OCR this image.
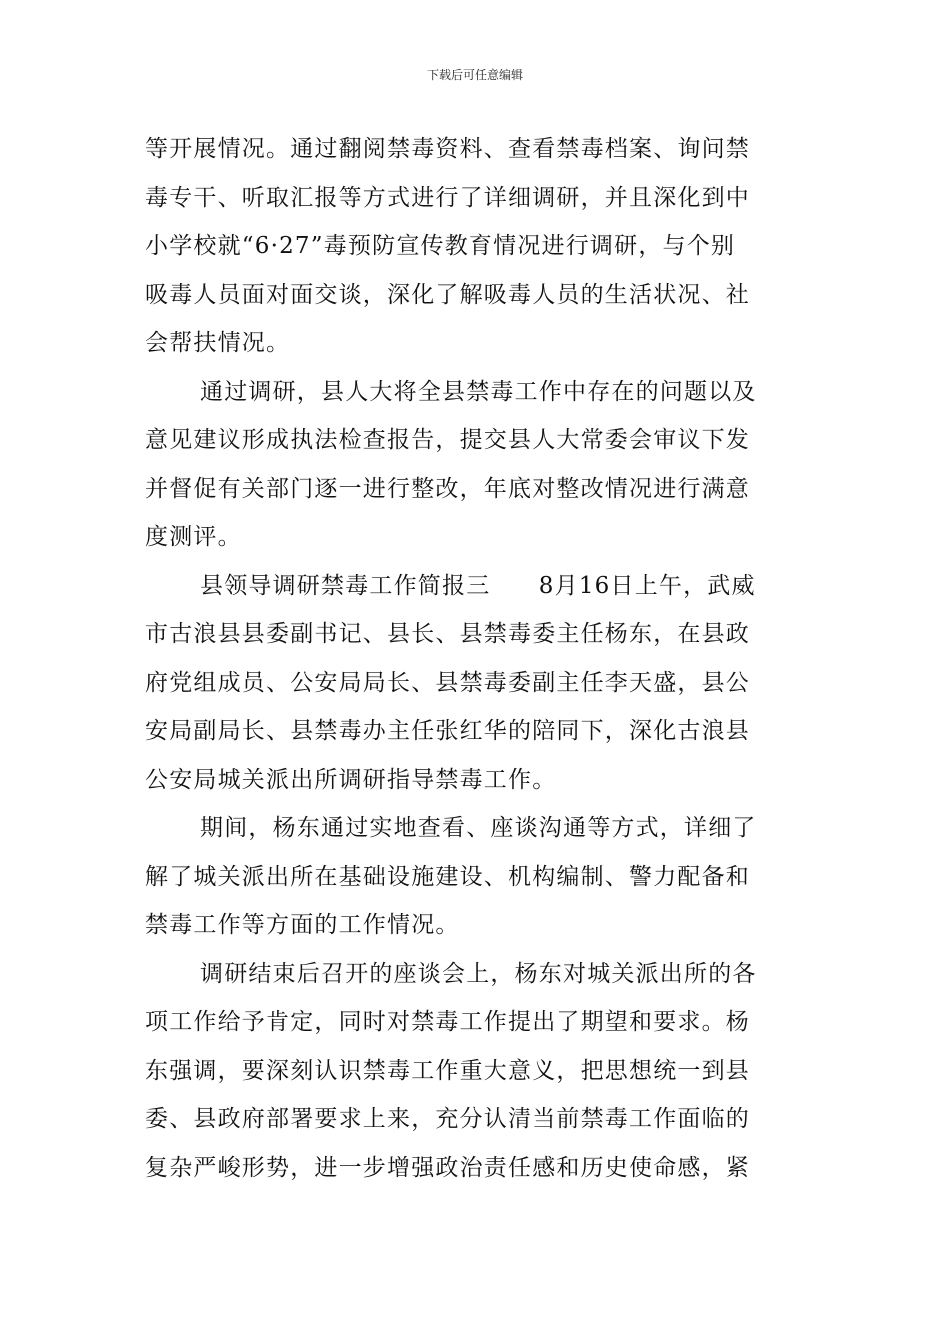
下载后可任意编辑
等开展情况。通过翻阅禁毒资料、查看禁毒档案、询问禁
毒专干、听取汇报等方式进行了详细调研，并且深化到中
小学校就“6·27”毒预防宣传教育情况进行调研，与个别
吸毒人员面对面交谈，深化了解吸毒人员的生活状况、社
会帮扶情况。
通过调研，县人大将全县禁毒工作中存在的问题以及
意见建议形成执法检查报告，提交县人大常委会审议下发
并督促有关部门逐一进行整改，年底对整改情况进行满意
度测评。
县领导调研禁毒工作简报三　　8月16日上午，武威
市古浪县县委副书记、县长、县禁毒委主任杨东，在县政
府党组成员、公安局局长、县禁毒委副主任李天盛，县公
安局副局长、县禁毒办主任张红华的陪同下，深化古浪县
公安局城关派出所调研指导禁毒工作。
期间，杨东通过实地查看、座谈沟通等方式，详细了
解了城关派出所在基础设施建设、机构编制、警力配备和
禁毒工作等方面的工作情况。
调研结束后召开的座谈会上，杨东对城关派出所的各
项工作给予肯定，同时对禁毒工作提出了期望和要求。杨
东强调，要深刻认识禁毒工作重大意义，把思想统一到县
委、县政府部署要求上来，充分认清当前禁毒工作面临的
复杂严峻形势，进一步增强政治责任感和历史使命感，紧
